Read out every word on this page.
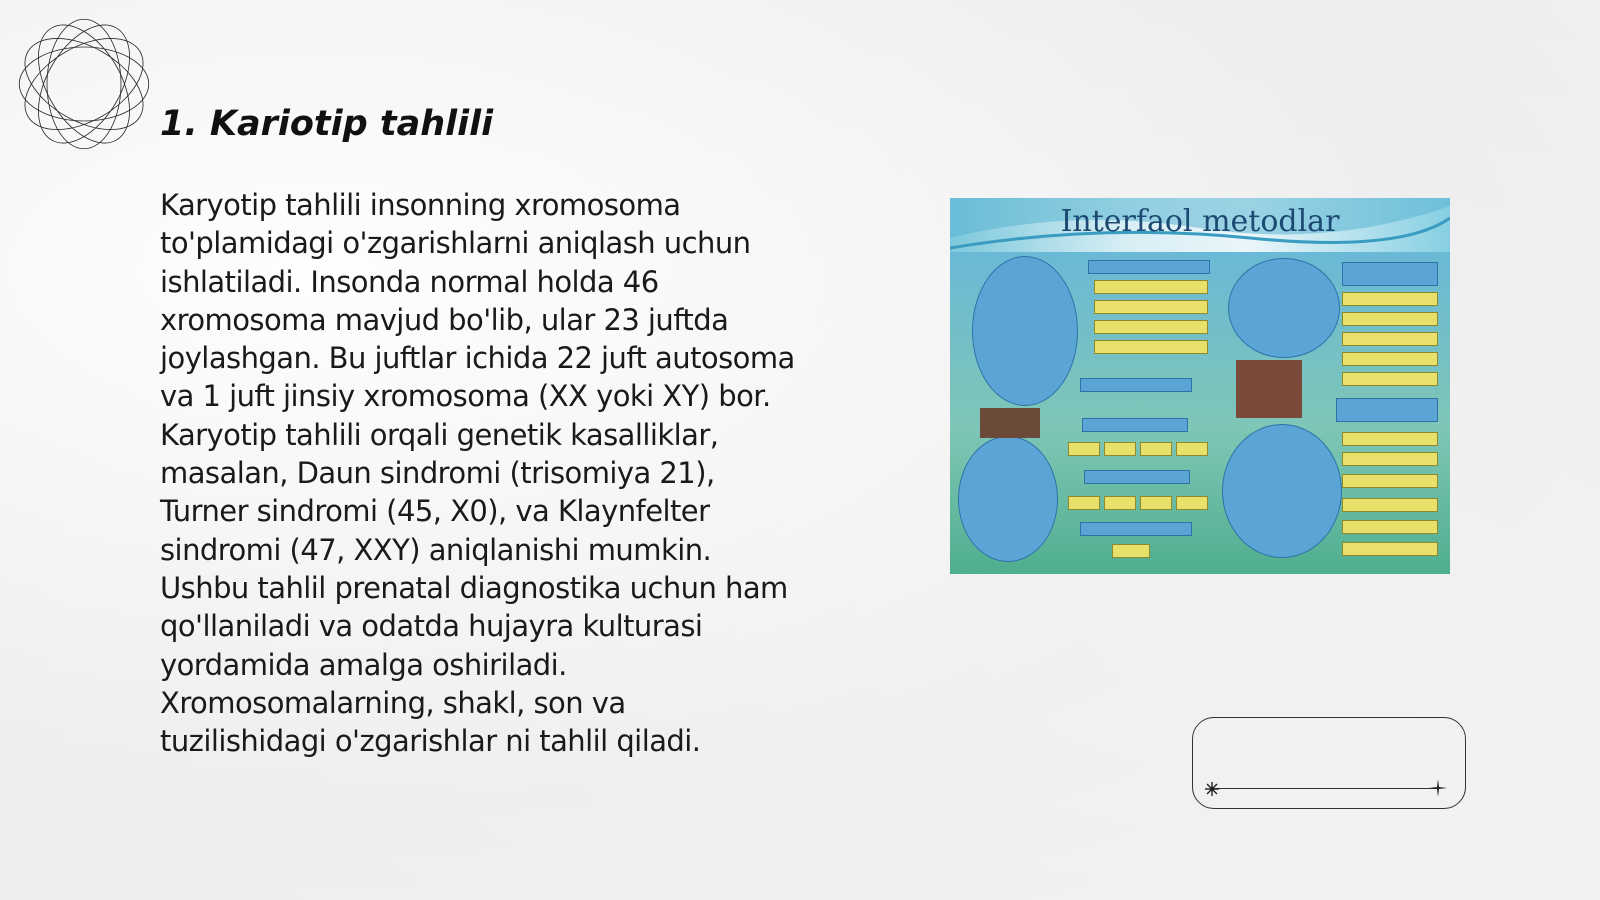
1. Kariotip tahlili
Karyotip tahlili insonning xromosoma
to'plamidagi o'zgarishlarni aniqlash uchun
ishlatiladi. Insonda normal holda 46
xromosoma mavjud bo'lib, ular 23 juftda
joylashgan. Bu juftlar ichida 22 juft autosoma
va 1 juft jinsiy xromosoma (XX yoki XY) bor.
Karyotip tahlili orqali genetik kasalliklar,
masalan, Daun sindromi (trisomiya 21),
Turner sindromi (45, X0), va Klaynfelter
sindromi (47, XXY) aniqlanishi mumkin.
Ushbu tahlil prenatal diagnostika uchun ham
qo'llaniladi va odatda hujayra kulturasi
yordamida amalga oshiriladi.
Xromosomalarning, shakl, son va
tuzilishidagi o'zgarishlar ni tahlil qiladi.
Interfaol metodlar
